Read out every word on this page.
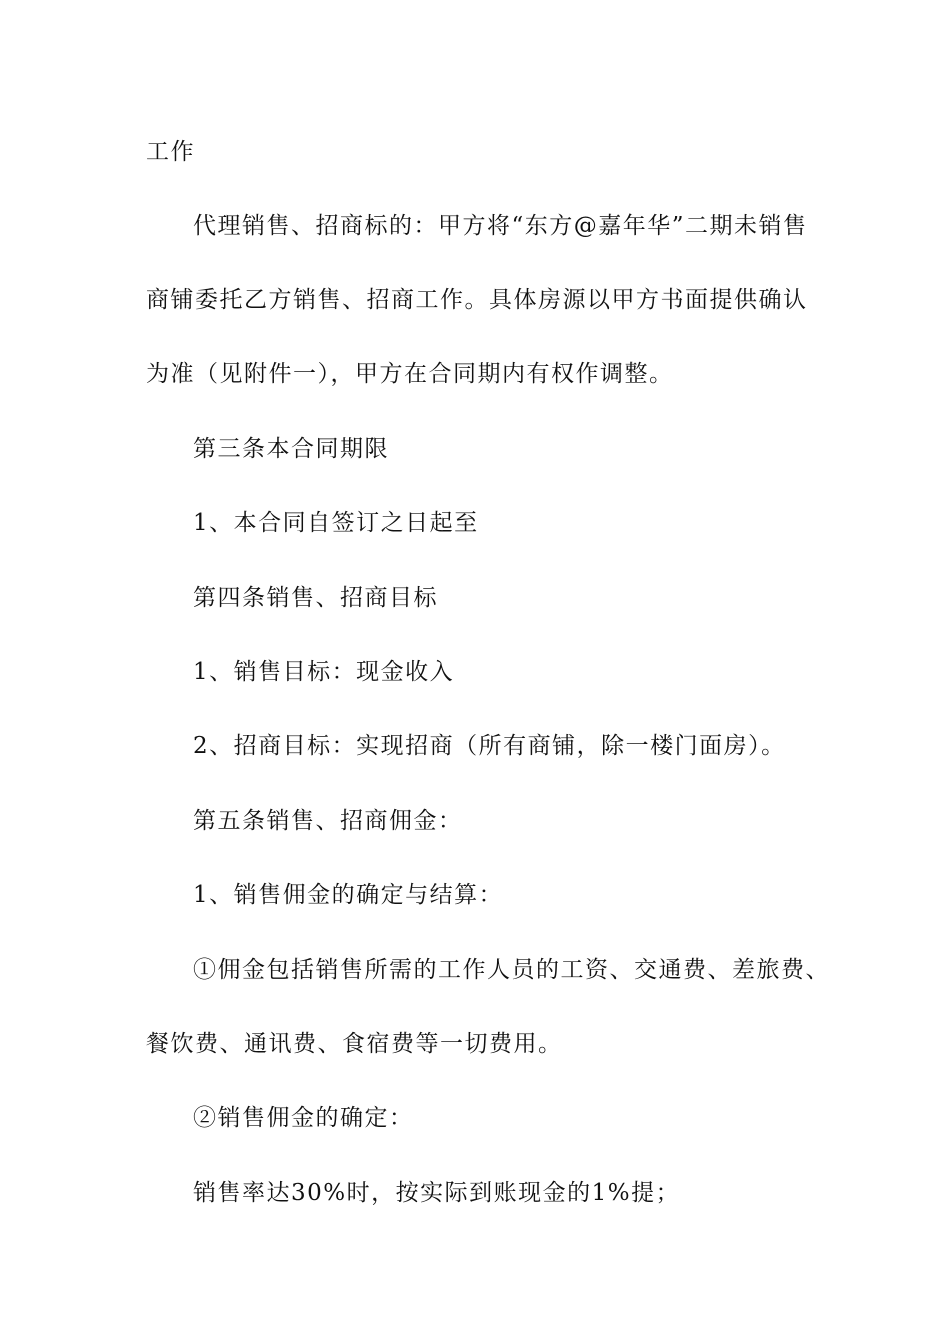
工作
代理销售、招商标的：甲方将“东方@嘉年华”二期未销售
商铺委托乙方销售、招商工作。具体房源以甲方书面提供确认
为准（见附件一），甲方在合同期内有权作调整。
第三条本合同期限
1、本合同自签订之日起至
第四条销售、招商目标
1、销售目标：现金收入
2、招商目标：实现招商（所有商铺，除一楼门面房）。
第五条销售、招商佣金：
1、销售佣金的确定与结算：
①佣金包括销售所需的工作人员的工资、交通费、差旅费、
餐饮费、通讯费、食宿费等一切费用。
②销售佣金的确定：
销售率达30%时，按实际到账现金的1%提；
